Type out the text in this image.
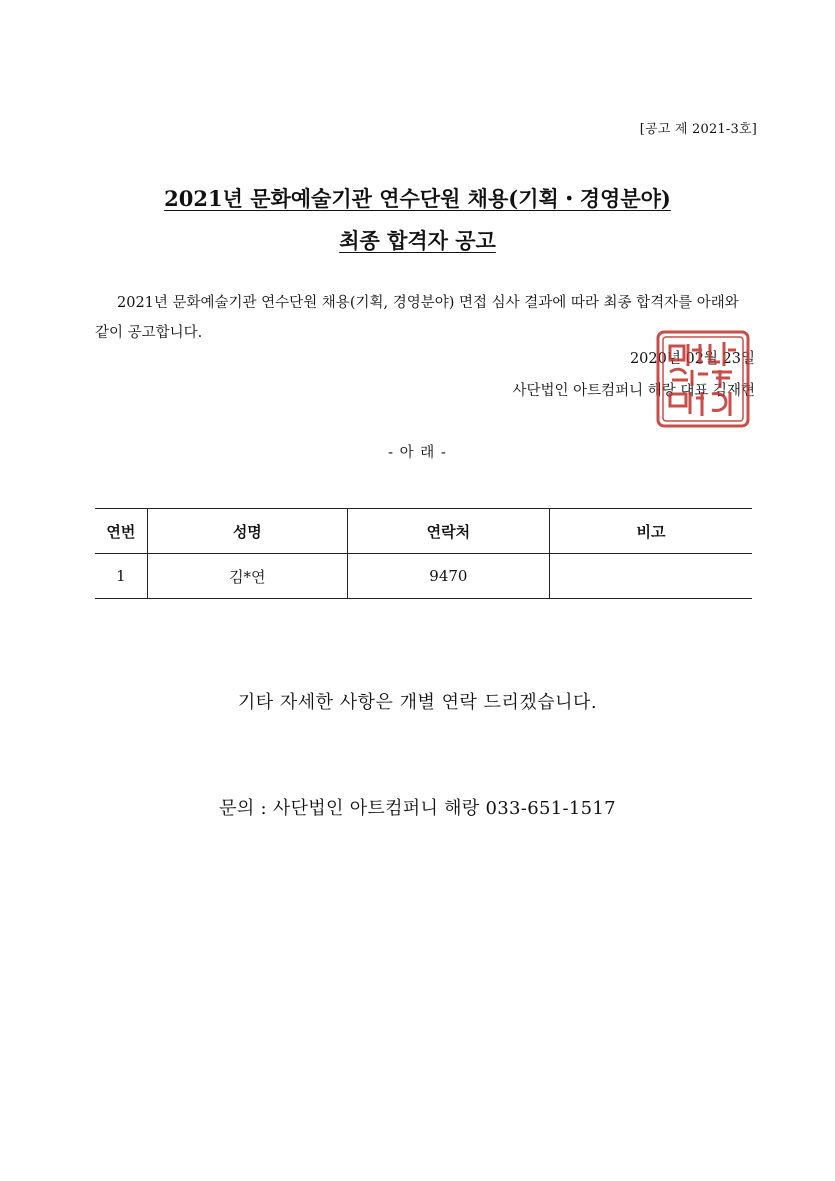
[공고 제 2021-3호]
2021년 문화예술기관 연수단원 채용(기획・경영분야)
최종 합격자 공고
2021년 문화예술기관 연수단원 채용(기획, 경영분야) 면접 심사 결과에 따라 최종 합격자를 아래와 같이 공고합니다.
2020년 02월 23일
사단법인 아트컴퍼니 해랑 대표 김재현
- 아 래 -
연번	성명	연락처	비고
1	김*연	9470	
기타 자세한 사항은 개별 연락 드리겠습니다.
문의 : 사단법인 아트컴퍼니 해랑 033-651-1517
